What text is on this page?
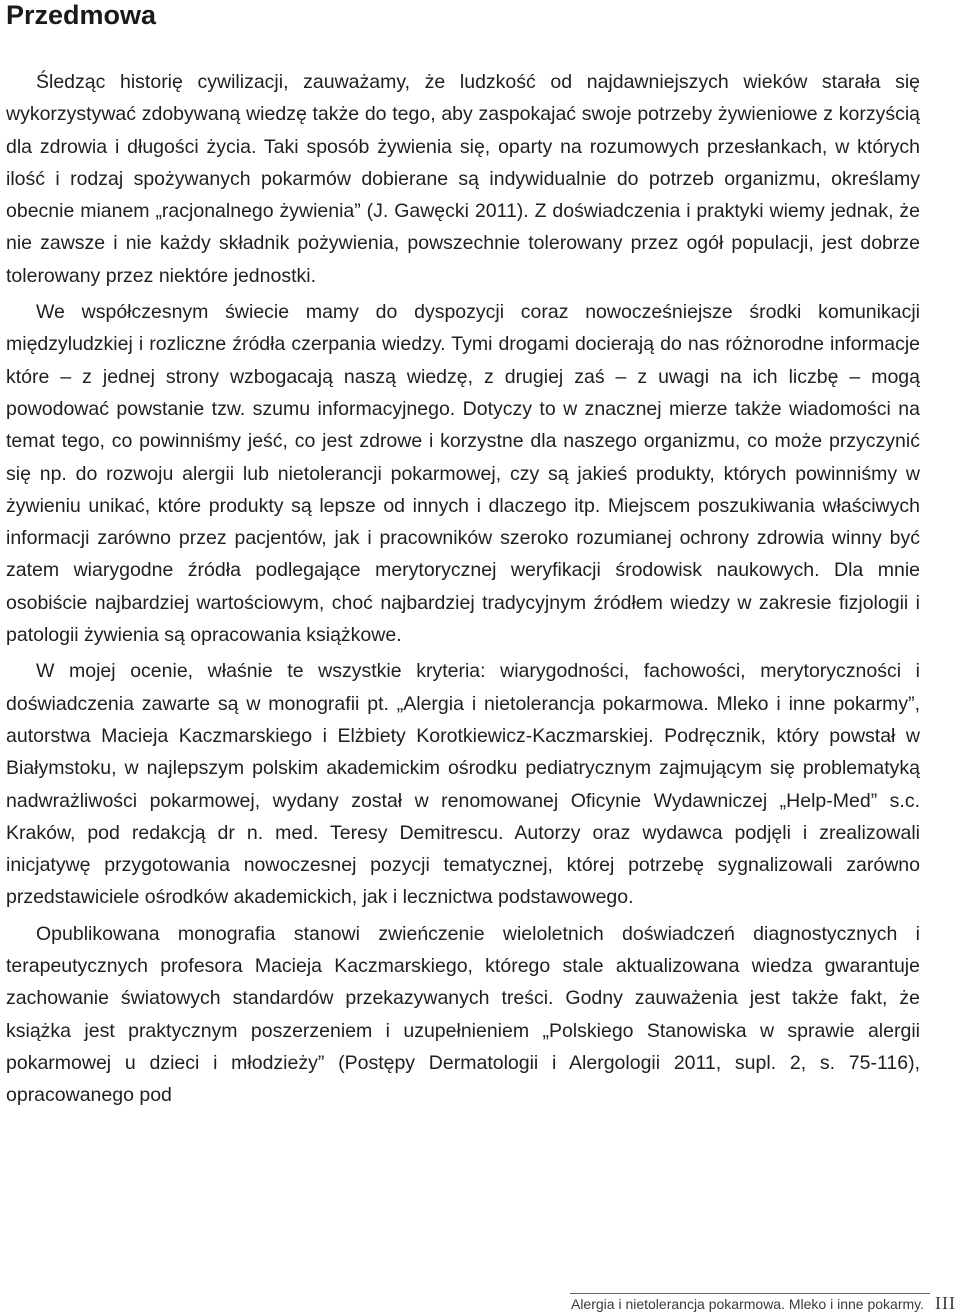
Przedmowa

Śledząc historię cywilizacji, zauważamy, że ludzkość od najdawniejszych wieków starała się wykorzystywać zdobywaną wiedzę także do tego, aby zaspokajać swoje potrzeby żywieniowe z korzyścią dla zdrowia i długości życia. Taki sposób żywienia się, oparty na rozumowych przesłankach, w których ilość i rodzaj spożywanych pokarmów dobierane są indywidualnie do potrzeb organizmu, określamy obecnie mianem „racjonalnego żywienia” (J. Gawęcki 2011). Z doświadczenia i praktyki wiemy jednak, że nie zawsze i nie każdy składnik pożywienia, powszechnie tolerowany przez ogół populacji, jest dobrze tolerowany przez niektóre jednostki.

We współczesnym świecie mamy do dyspozycji coraz nowocześniejsze środki komunikacji międzyludzkiej i rozliczne źródła czerpania wiedzy. Tymi drogami docierają do nas różnorodne informacje które – z jednej strony wzbogacają naszą wiedzę, z drugiej zaś – z uwagi na ich liczbę – mogą powodować powstanie tzw. szumu informacyjnego. Dotyczy to w znacznej mierze także wiadomości na temat tego, co powinniśmy jeść, co jest zdrowe i korzystne dla naszego organizmu, co może przyczynić się np. do rozwoju alergii lub nietolerancji pokarmowej, czy są jakieś produkty, których powinniśmy w żywieniu unikać, które produkty są lepsze od innych i dlaczego itp. Miejscem poszukiwania właściwych informacji zarówno przez pacjentów, jak i pracowników szeroko rozumianej ochrony zdrowia winny być zatem wiarygodne źródła podlegające merytorycznej weryfikacji środowisk naukowych. Dla mnie osobiście najbardziej wartościowym, choć najbardziej tradycyjnym źródłem wiedzy w zakresie fizjologii i patologii żywienia są opracowania książkowe.

W mojej ocenie, właśnie te wszystkie kryteria: wiarygodności, fachowości, merytoryczności i doświadczenia zawarte są w monografii pt. „Alergia i nietolerancja pokarmowa. Mleko i inne pokarmy”, autorstwa Macieja Kaczmarskiego i Elżbiety Korotkiewicz-Kaczmarskiej. Podręcznik, który powstał w Białymstoku, w najlepszym polskim akademickim ośrodku pediatrycznym zajmującym się problematyką nadwrażliwości pokarmowej, wydany został w renomowanej Oficynie Wydawniczej „Help-Med” s.c. Kraków, pod redakcją dr n. med. Teresy Demitrescu. Autorzy oraz wydawca podjęli i zrealizowali inicjatywę przygotowania nowoczesnej pozycji tematycznej, której potrzebę sygnalizowali zarówno przedstawiciele ośrodków akademickich, jak i lecznictwa podstawowego.

Opublikowana monografia stanowi zwieńczenie wieloletnich doświadczeń diagnostycznych i terapeutycznych profesora Macieja Kaczmarskiego, którego stale aktualizowana wiedza gwarantuje zachowanie światowych standardów przekazywanych treści. Godny zauważenia jest także fakt, że książka jest praktycznym poszerzeniem i uzupełnieniem „Polskiego Stanowiska w sprawie alergii pokarmowej u dzieci i młodzieży” (Postępy Dermatologii i Alergologii 2011, supl. 2, s. 75-116), opracowanego pod

Alergia i nietolerancja pokarmowa. Mleko i inne pokarmy. III
